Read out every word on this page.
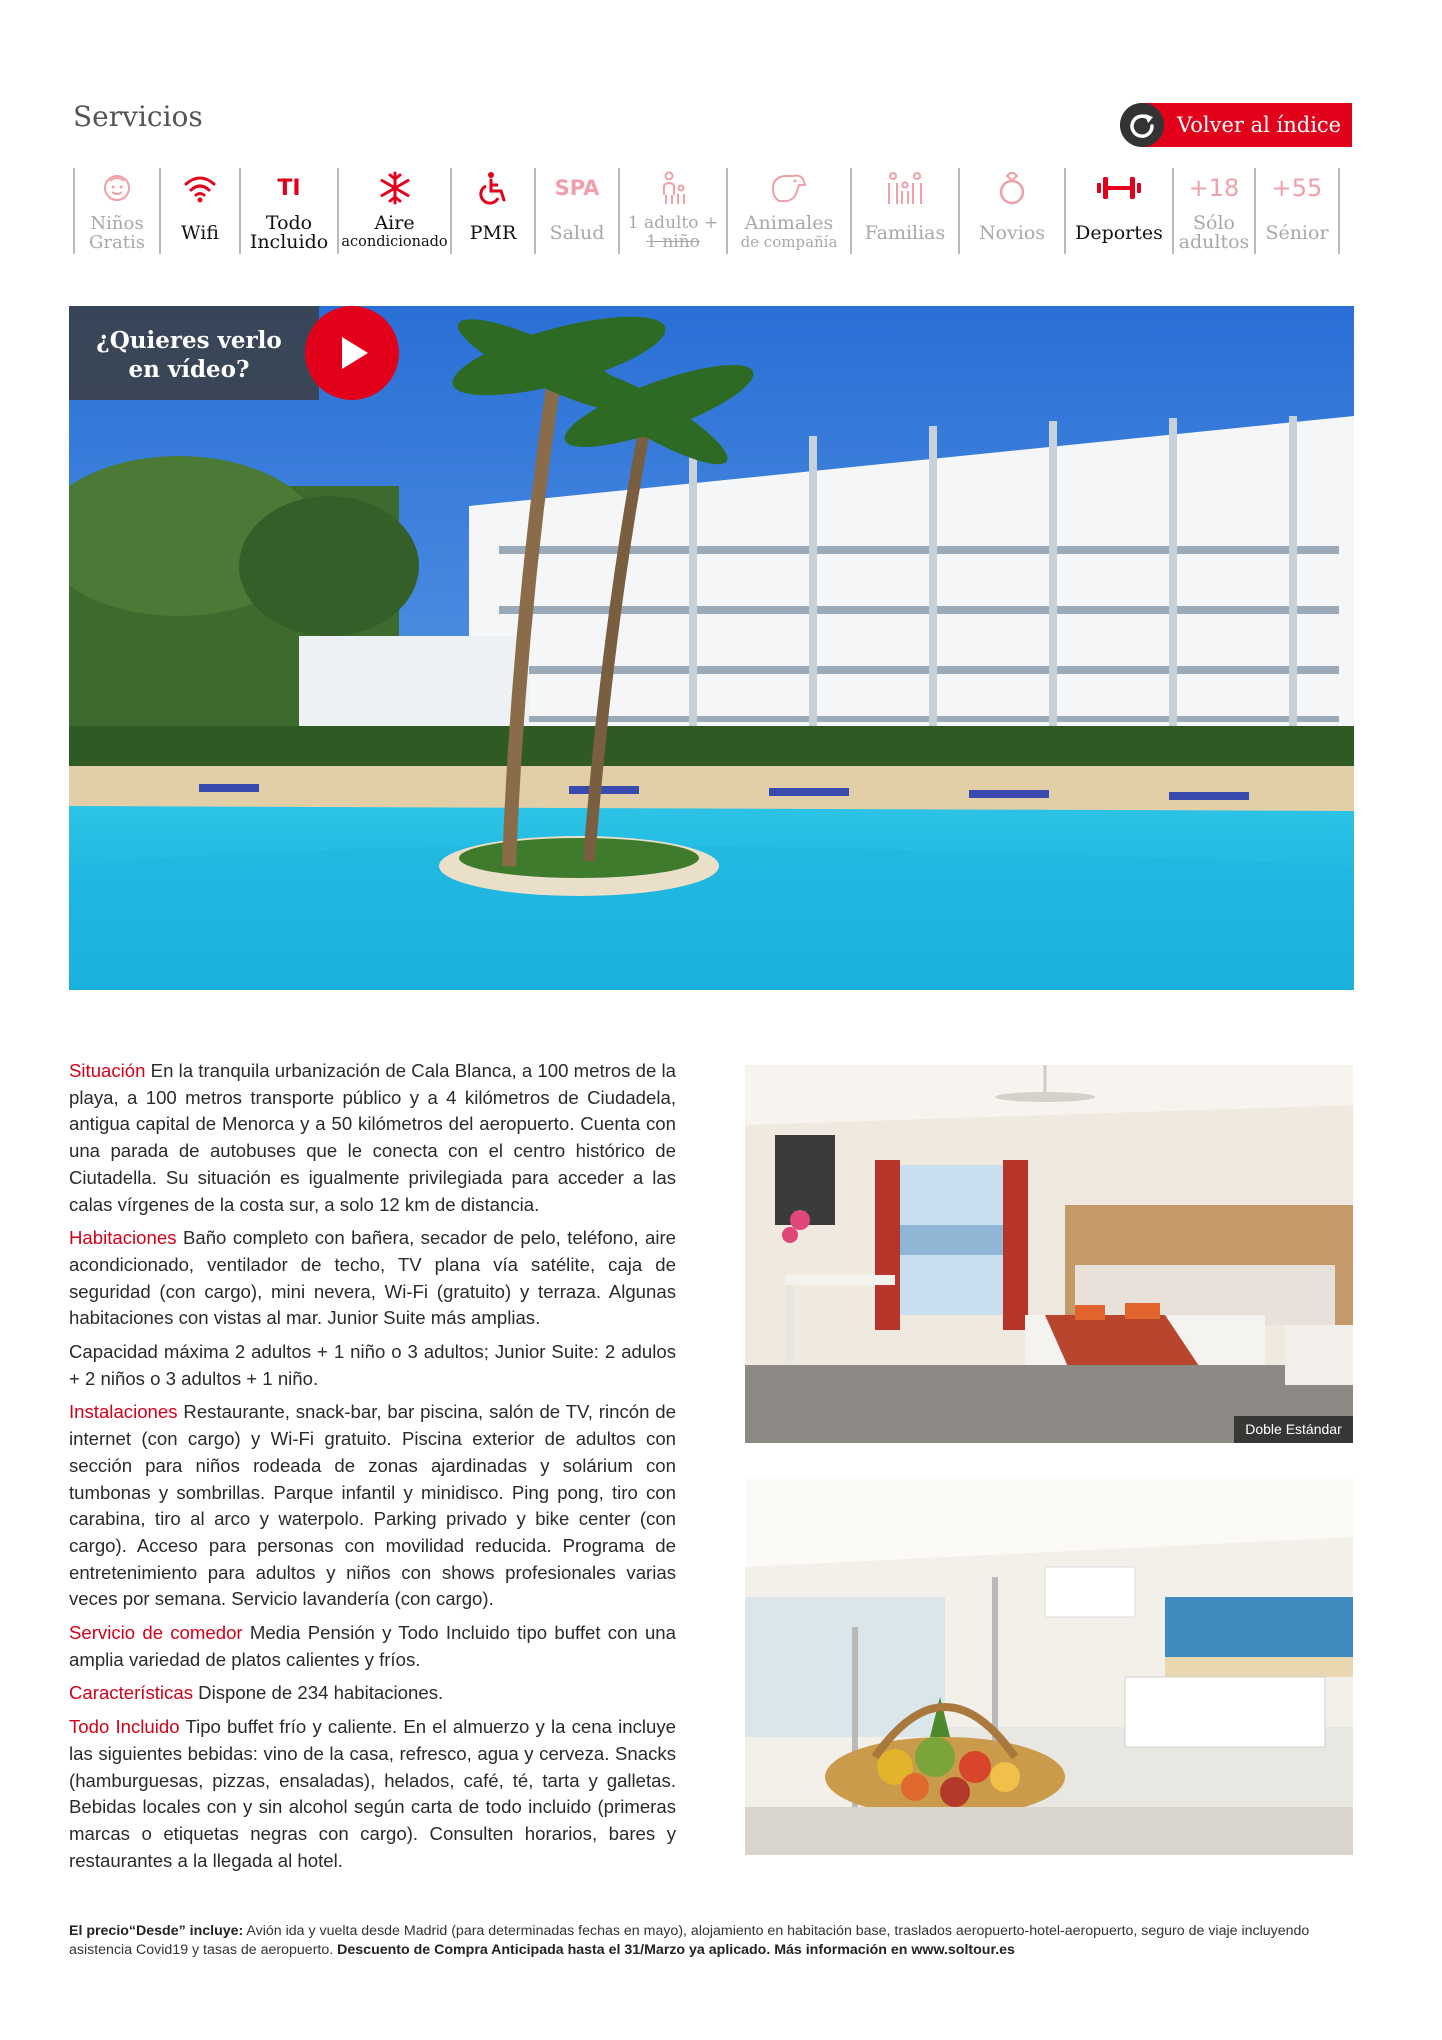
Servicios	Volver al índice
Niños
Gratis Wifi
TI
Todo
Incluido
Aire
acondicionado PMR
SPA
Salud 1 adulto +
1 niño
Animales
de compañía Familias Novios Deportes
+18
Sólo
adultos
+55
Sénior
¿Quieres verlo
en vídeo?

Situación En la tranquila urbanización de Cala Blanca, a 100 metros de la playa, a 100 metros transporte público y a 4 kilómetros de Ciudadela, antigua capital de Menorca y a 50 kilómetros del aeropuerto. Cuenta con una parada de autobuses que le conecta con el centro histórico de Ciutadella. Su situación es igualmente privilegiada para acceder a las calas vírgenes de la costa sur, a solo 12 km de distancia.

Habitaciones Baño completo con bañera, secador de pelo, teléfono, aire acondicionado, ventilador de techo, TV plana vía satélite, caja de seguridad (con cargo), mini nevera, Wi-Fi (gratuito) y terraza. Algunas habitaciones con vistas al mar. Junior Suite más amplias.

Capacidad máxima 2 adultos + 1 niño o 3 adultos; Junior Suite: 2 adulos + 2 niños o 3 adultos + 1 niño.

Instalaciones Restaurante, snack-bar, bar piscina, salón de TV, rincón de internet (con cargo) y Wi-Fi gratuito. Piscina exterior de adultos con sección para niños rodeada de zonas ajardinadas y solárium con tumbonas y sombrillas. Parque infantil y minidisco. Ping pong, tiro con carabina, tiro al arco y waterpolo. Parking privado y bike center (con cargo). Acceso para personas con movilidad reducida. Programa de entretenimiento para adultos y niños con shows profesionales varias veces por semana. Servicio lavandería (con cargo).

Servicio de comedor Media Pensión y Todo Incluido tipo buffet con una amplia variedad de platos calientes y fríos.

Características Dispone de 234 habitaciones.

Todo Incluido Tipo buffet frío y caliente. En el almuerzo y la cena incluye las siguientes bebidas: vino de la casa, refresco, agua y cerveza. Snacks (hamburguesas, pizzas, ensaladas), helados, café, té, tarta y galletas. Bebidas locales con y sin alcohol según carta de todo incluido (primeras marcas o etiquetas negras con cargo). Consulten horarios, bares y restaurantes a la llegada al hotel.

Doble Estándar
El precio“Desde” incluye: Avión ida y vuelta desde Madrid (para determinadas fechas en mayo), alojamiento en habitación base, traslados aeropuerto-hotel-aeropuerto, seguro de viaje incluyendo asistencia Covid19 y tasas de aeropuerto. Descuento de Compra Anticipada hasta el 31/Marzo ya aplicado. Más información en www.soltour.es
